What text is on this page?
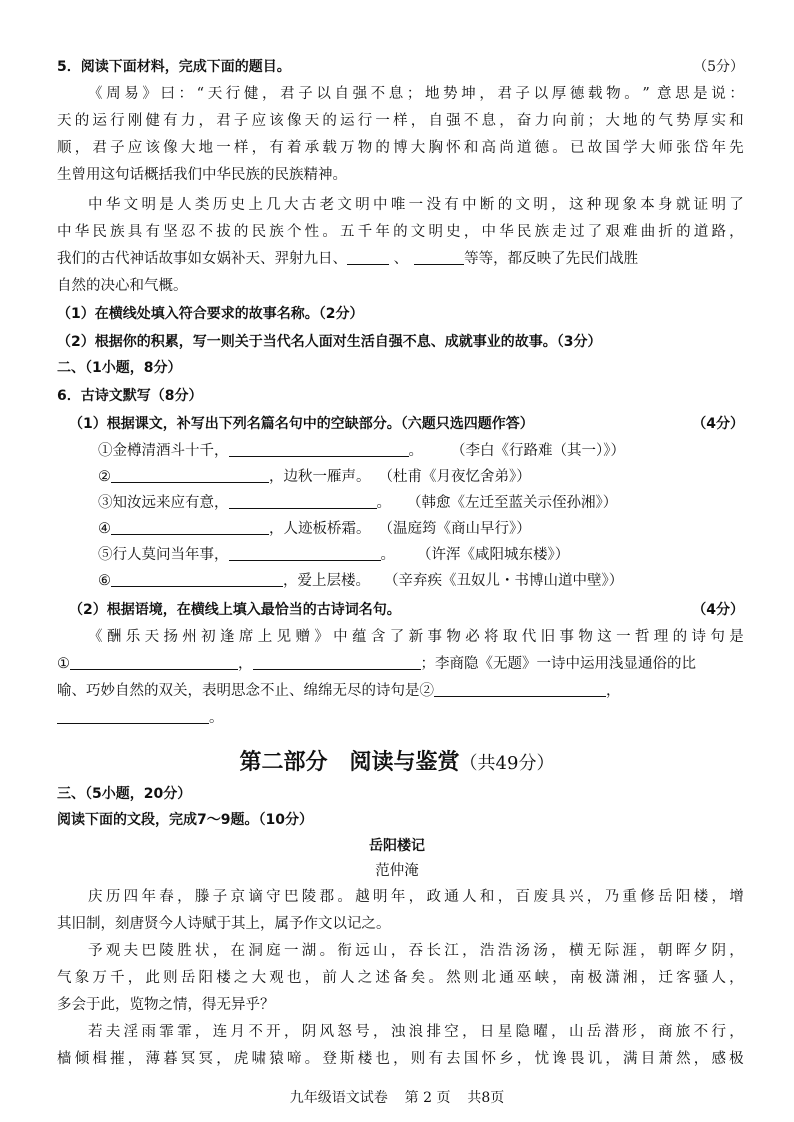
5．阅读下面材料，完成下面的题目。	（5分）
《 周 易 》 曰 ： “ 天 行 健 ， 君 子 以 自 强 不 息 ； 地 势 坤 ， 君 子 以 厚 德 载 物 。 ” 意 思 是 说 ：
天 的 运 行 刚 健 有 力 ， 君 子 应 该 像 天 的 运 行 一 样 ， 自 强 不 息 ， 奋 力 向 前 ； 大 地 的 气 势 厚 实 和
顺 ， 君 子 应 该 像 大 地 一 样 ， 有 着 承 载 万 物 的 博 大 胸 怀 和 高 尚 道 德 。 已 故 国 学 大 师 张 岱 年 先
生曾用这句话概括我们中华民族的民族精神。
中 华 文 明 是 人 类 历 史 上 几 大 古 老 文 明 中 唯 一 没 有 中 断 的 文 明 ， 这 种 现 象 本 身 就 证 明 了
中 华 民 族 具 有 坚 忍 不 拔 的 民 族 个 性 。 五 千 年 的 文 明 史 ， 中 华 民 族 走 过 了 艰 难 曲 折 的 道 路 ，
我们的古代神话故事如女娲补天、羿射九日、	、	等等，都反映了先民们战胜
自然的决心和气概。
（1）在横线处填入符合要求的故事名称。（2分）
（2）根据你的积累，写一则关于当代名人面对生活自强不息、成就事业的故事。（3分）
二、（1小题，8分）
6．古诗文默写（8分）
（1）根据课文，补写出下列名篇名句中的空缺部分。（六题只选四题作答）	（4分）
①金樽清酒斗十千，	。 （李白《行路难（其一）》）
②	，边秋一雁声。 （杜甫《月夜忆舍弟》）
③知汝远来应有意，	。 （韩愈《左迁至蓝关示侄孙湘》）
④	，人迹板桥霜。 （温庭筠《商山早行》）
⑤行人莫问当年事，	。 （许浑《咸阳城东楼》）
⑥	，爱上层楼。 （辛弃疾《丑奴儿・书博山道中壁》）
（2）根据语境，在横线上填入最恰当的古诗词名句。	（4分）
《 酬 乐 天 扬 州 初 逢 席 上 见 赠 》 中 蕴 含 了 新 事 物 必 将 取 代 旧 事 物 这 一 哲 理 的 诗 句 是
①	，	；李商隐《无题》一诗中运用浅显通俗的比
喻、巧妙自然的双关，表明思念不止、绵绵无尽的诗句是②	，
。
第二部分　阅读与鉴赏（共49分）
三、（5小题，20分）
阅读下面的文段，完成7～9题。（10分）
岳阳楼记
范仲淹
庆 历 四 年 春 ， 滕 子 京 谪 守 巴 陵 郡 。 越 明 年 ， 政 通 人 和 ， 百 废 具 兴 ， 乃 重 修 岳 阳 楼 ， 增
其旧制，刻唐贤今人诗赋于其上，属予作文以记之。
予 观 夫 巴 陵 胜 状 ， 在 洞 庭 一 湖 。 衔 远 山 ， 吞 长 江 ， 浩 浩 汤 汤 ， 横 无 际 涯 ， 朝 晖 夕 阴 ，
气 象 万 千 ， 此 则 岳 阳 楼 之 大 观 也 ， 前 人 之 述 备 矣 。 然 则 北 通 巫 峡 ， 南 极 潇 湘 ， 迁 客 骚 人 ，
多会于此，览物之情，得无异乎？
若 夫 淫 雨 霏 霏 ， 连 月 不 开 ， 阴 风 怒 号 ， 浊 浪 排 空 ， 日 星 隐 曜 ， 山 岳 潜 形 ， 商 旅 不 行 ，
樯 倾 楫 摧 ， 薄 暮 冥 冥 ， 虎 啸 猿 啼 。 登 斯 楼 也 ， 则 有 去 国 怀 乡 ， 忧 谗 畏 讥 ， 满 目 萧 然 ， 感 极
九年级语文试卷 第 2 页 共8页
